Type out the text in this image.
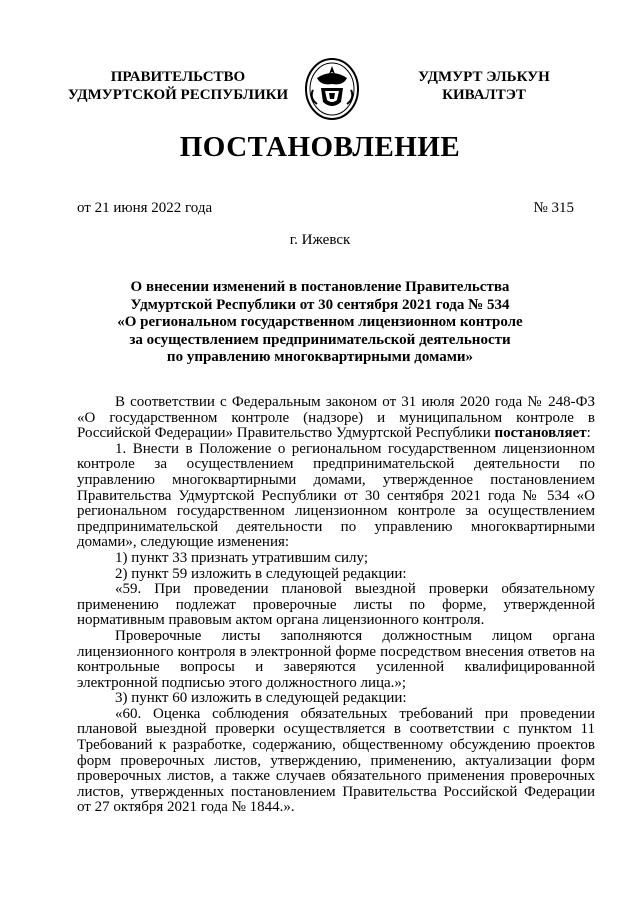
ПРАВИТЕЛЬСТВО
УДМУРТСКОЙ РЕСПУБЛИКИ
УДМУРТ ЭЛЬКУН
КИВАЛТЭТ
ПОСТАНОВЛЕНИЕ
от 21 июня 2022 года	№ 315
г. Ижевск
О внесении изменений в постановление Правительства
Удмуртской Республики от 30 сентября 2021 года № 534
«О региональном государственном лицензионном контроле
за осуществлением предпринимательской деятельности
по управлению многоквартирными домами»

В соответствии с Федеральным законом от 31 июля 2020 года № 248-ФЗ «О государственном контроле (надзоре) и муниципальном контроле в Российской Федерации» Правительство Удмуртской Республики постановляет:

1. Внести в Положение о региональном государственном лицензионном контроле за осуществлением предпринимательской деятельности по управлению многоквартирными домами, утвержденное постановлением Правительства Удмуртской Республики от 30 сентября 2021 года № 534 «О региональном государственном лицензионном контроле за осуществлением предпринимательской деятельности по управлению многоквартирными домами», следующие изменения:

1) пункт 33 признать утратившим силу;

2) пункт 59 изложить в следующей редакции:

«59. При проведении плановой выездной проверки обязательному применению подлежат проверочные листы по форме, утвержденной нормативным правовым актом органа лицензионного контроля.

Проверочные листы заполняются должностным лицом органа лицензионного контроля в электронной форме посредством внесения ответов на контрольные вопросы и заверяются усиленной квалифицированной электронной подписью этого должностного лица.»;

3) пункт 60 изложить в следующей редакции:

«60. Оценка соблюдения обязательных требований при проведении плановой выездной проверки осуществляется в соответствии с пунктом 11 Требований к разработке, содержанию, общественному обсуждению проектов форм проверочных листов, утверждению, применению, актуализации форм проверочных листов, а также случаев обязательного применения проверочных листов, утвержденных постановлением Правительства Российской Федерации от 27 октября 2021 года № 1844.».
